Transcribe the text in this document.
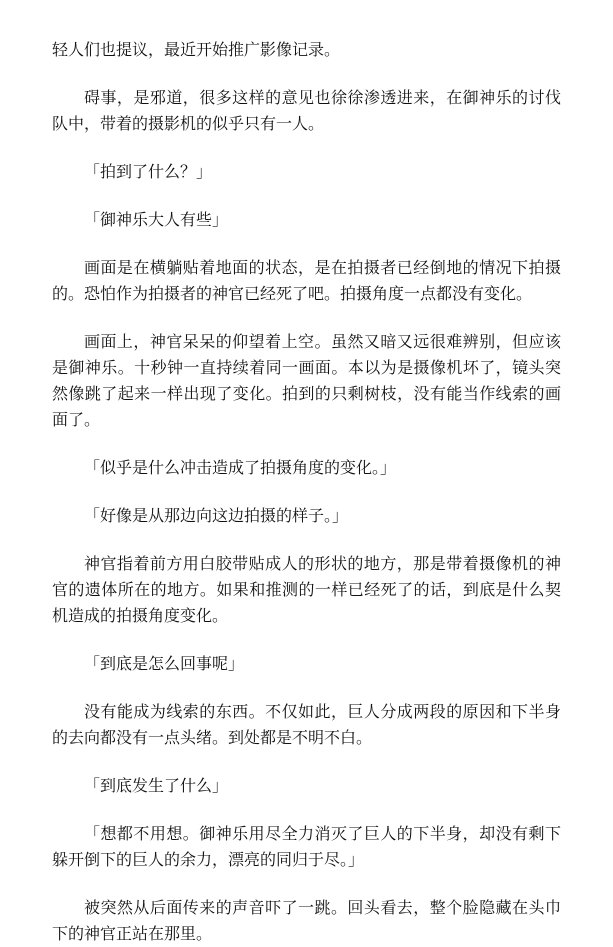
轻人们也提议，最近开始推广影像记录。

碍事，是邪道，很多这样的意见也徐徐渗透进来，在御神乐的讨伐队中，带着的摄影机的似乎只有一人。

「拍到了什么？」

「御神乐大人有些」

画面是在横躺贴着地面的状态，是在拍摄者已经倒地的情况下拍摄的。恐怕作为拍摄者的神官已经死了吧。拍摄角度一点都没有变化。

画面上，神官呆呆的仰望着上空。虽然又暗又远很难辨别，但应该是御神乐。十秒钟一直持续着同一画面。本以为是摄像机坏了，镜头突然像跳了起来一样出现了变化。拍到的只剩树枝，没有能当作线索的画面了。

「似乎是什么冲击造成了拍摄角度的变化。」

「好像是从那边向这边拍摄的样子。」

神官指着前方用白胶带贴成人的形状的地方，那是带着摄像机的神官的遗体所在的地方。如果和推测的一样已经死了的话，到底是什么契机造成的拍摄角度变化。

「到底是怎么回事呢」

没有能成为线索的东西。不仅如此，巨人分成两段的原因和下半身的去向都没有一点头绪。到处都是不明不白。

「到底发生了什么」

「想都不用想。御神乐用尽全力消灭了巨人的下半身，却没有剩下躲开倒下的巨人的余力，漂亮的同归于尽。」

被突然从后面传来的声音吓了一跳。回头看去，整个脸隐藏在头巾下的神官正站在那里。
